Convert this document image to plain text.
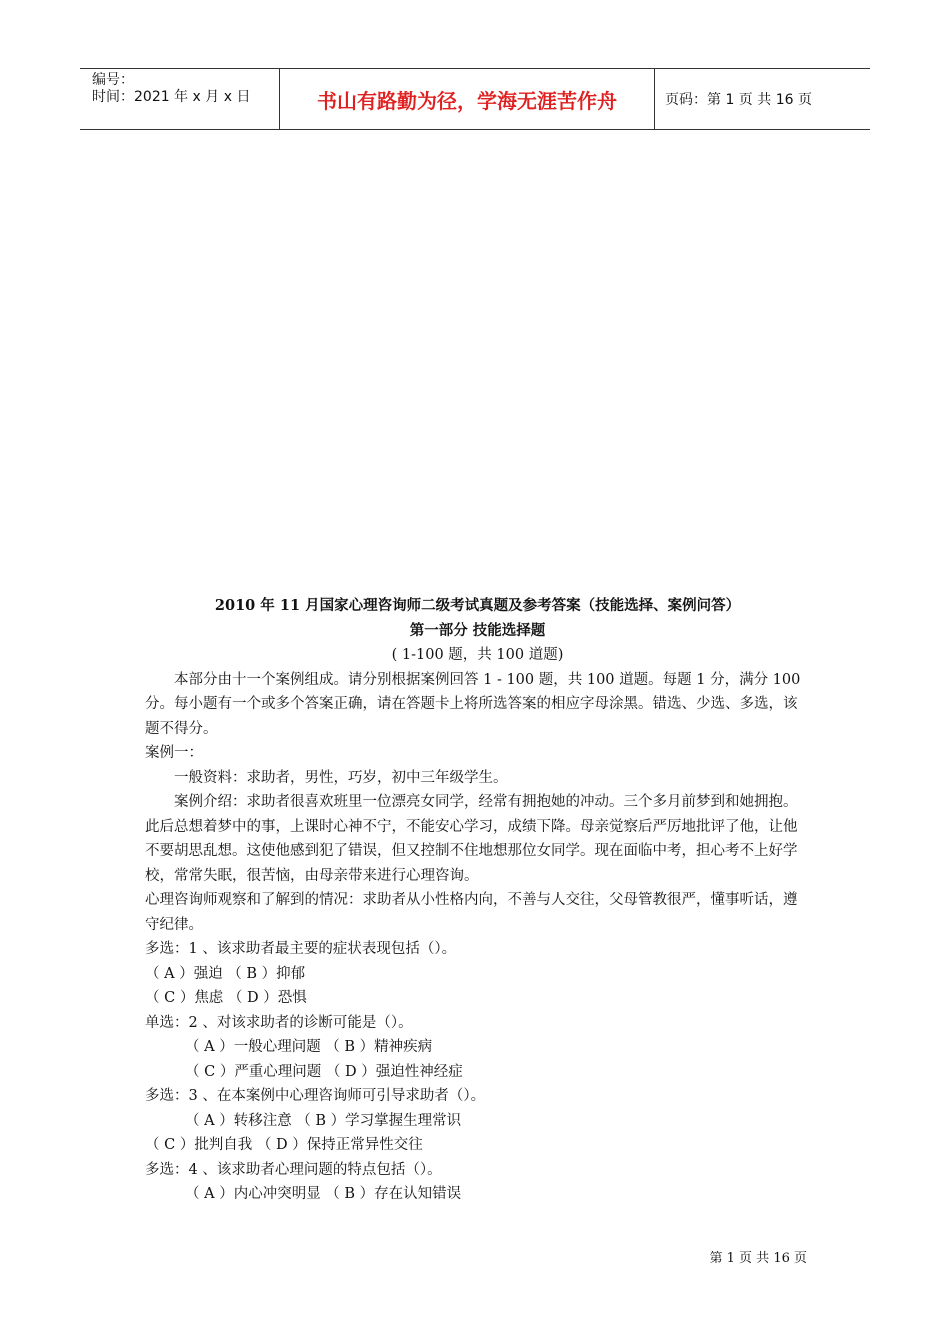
编号：
时间：2021 年 x 月 x 日	书山有路勤为径，学海无涯苦作舟	页码：第 1 页 共 16 页

2010 年 11 月国家心理咨询师二级考试真题及参考答案（技能选择、案例问答）

第一部分 技能选择题

( 1-100 题，共 100 道题)

本部分由十一个案例组成。请分别根据案例回答 1 - 100 题，共 100 道题。每题 1 分，满分 100 分。每小题有一个或多个答案正确，请在答题卡上将所选答案的相应字母涂黑。错选、少选、多选，该题不得分。

案例一：

一般资料：求助者，男性，巧岁，初中三年级学生。

案例介绍：求助者很喜欢班里一位漂亮女同学，经常有拥抱她的冲动。三个多月前梦到和她拥抱。此后总想着梦中的事，上课时心神不宁，不能安心学习，成绩下降。母亲觉察后严厉地批评了他，让他不要胡思乱想。这使他感到犯了错误，但又控制不住地想那位女同学。现在面临中考，担心考不上好学校，常常失眠，很苦恼，由母亲带来进行心理咨询。

心理咨询师观察和了解到的情况：求助者从小性格内向，不善与人交往，父母管教很严，懂事听话，遵守纪律。

多选：1 、该求助者最主要的症状表现包括（）。

（ A ）强迫 （ B ）抑郁

（ C ）焦虑 （ D ）恐惧

单选：2 、对该求助者的诊断可能是（）。

（ A ）一般心理问题 （ B ）精神疾病

（ C ）严重心理问题 （ D ）强迫性神经症

多选：3 、在本案例中心理咨询师可引导求助者（）。

（ A ）转移注意 （ B ）学习掌握生理常识

（ C ）批判自我 （ D ）保持正常异性交往

多选：4 、该求助者心理问题的特点包括（）。

（ A ）内心冲突明显 （ B ）存在认知错误

第 1 页 共 16 页
